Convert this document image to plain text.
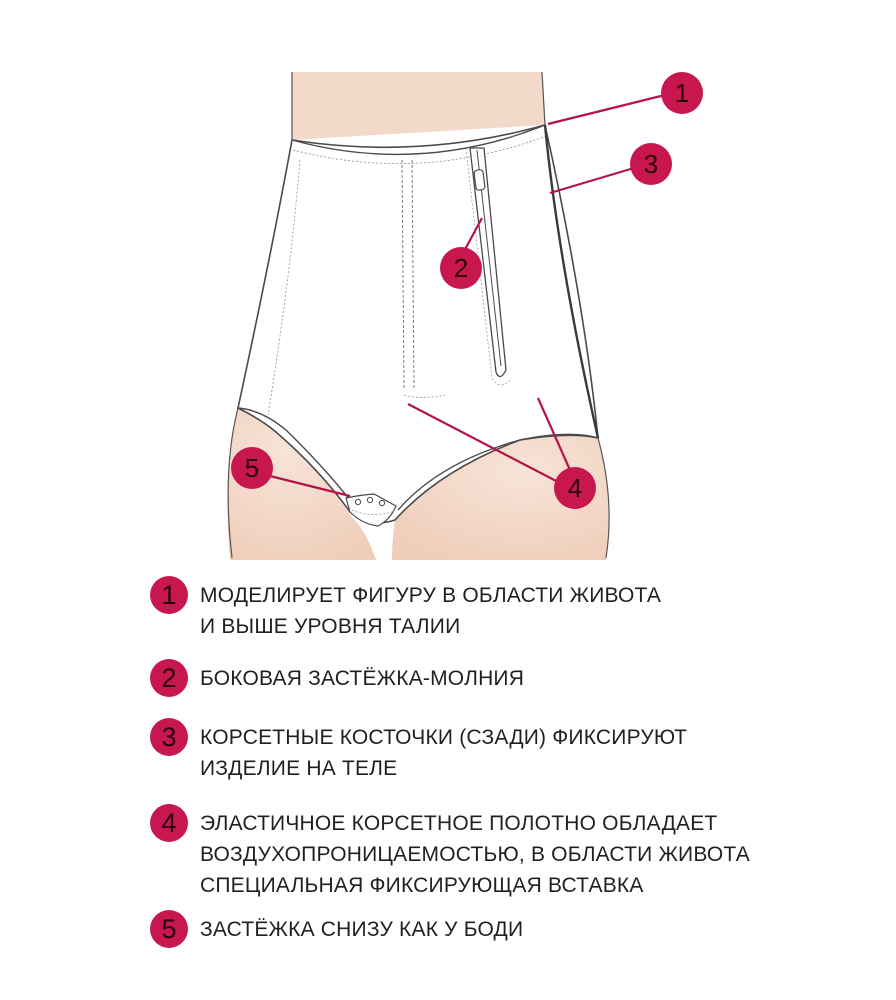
1
2
3
4
5
1	МОДЕЛИРУЕТ ФИГУРУ В ОБЛАСТИ ЖИВОТА
И ВЫШЕ УРОВНЯ ТАЛИИ
2	БОКОВАЯ ЗАСТЁЖКА-МОЛНИЯ
3	КОРСЕТНЫЕ КОСТОЧКИ (СЗАДИ) ФИКСИРУЮТ
ИЗДЕЛИЕ НА ТЕЛЕ
4	ЭЛАСТИЧНОЕ КОРСЕТНОЕ ПОЛОТНО ОБЛАДАЕТ
ВОЗДУХОПРОНИЦАЕМОСТЬЮ, В ОБЛАСТИ ЖИВОТА
СПЕЦИАЛЬНАЯ ФИКСИРУЮЩАЯ ВСТАВКА
5	ЗАСТЁЖКА СНИЗУ КАК У БОДИ
